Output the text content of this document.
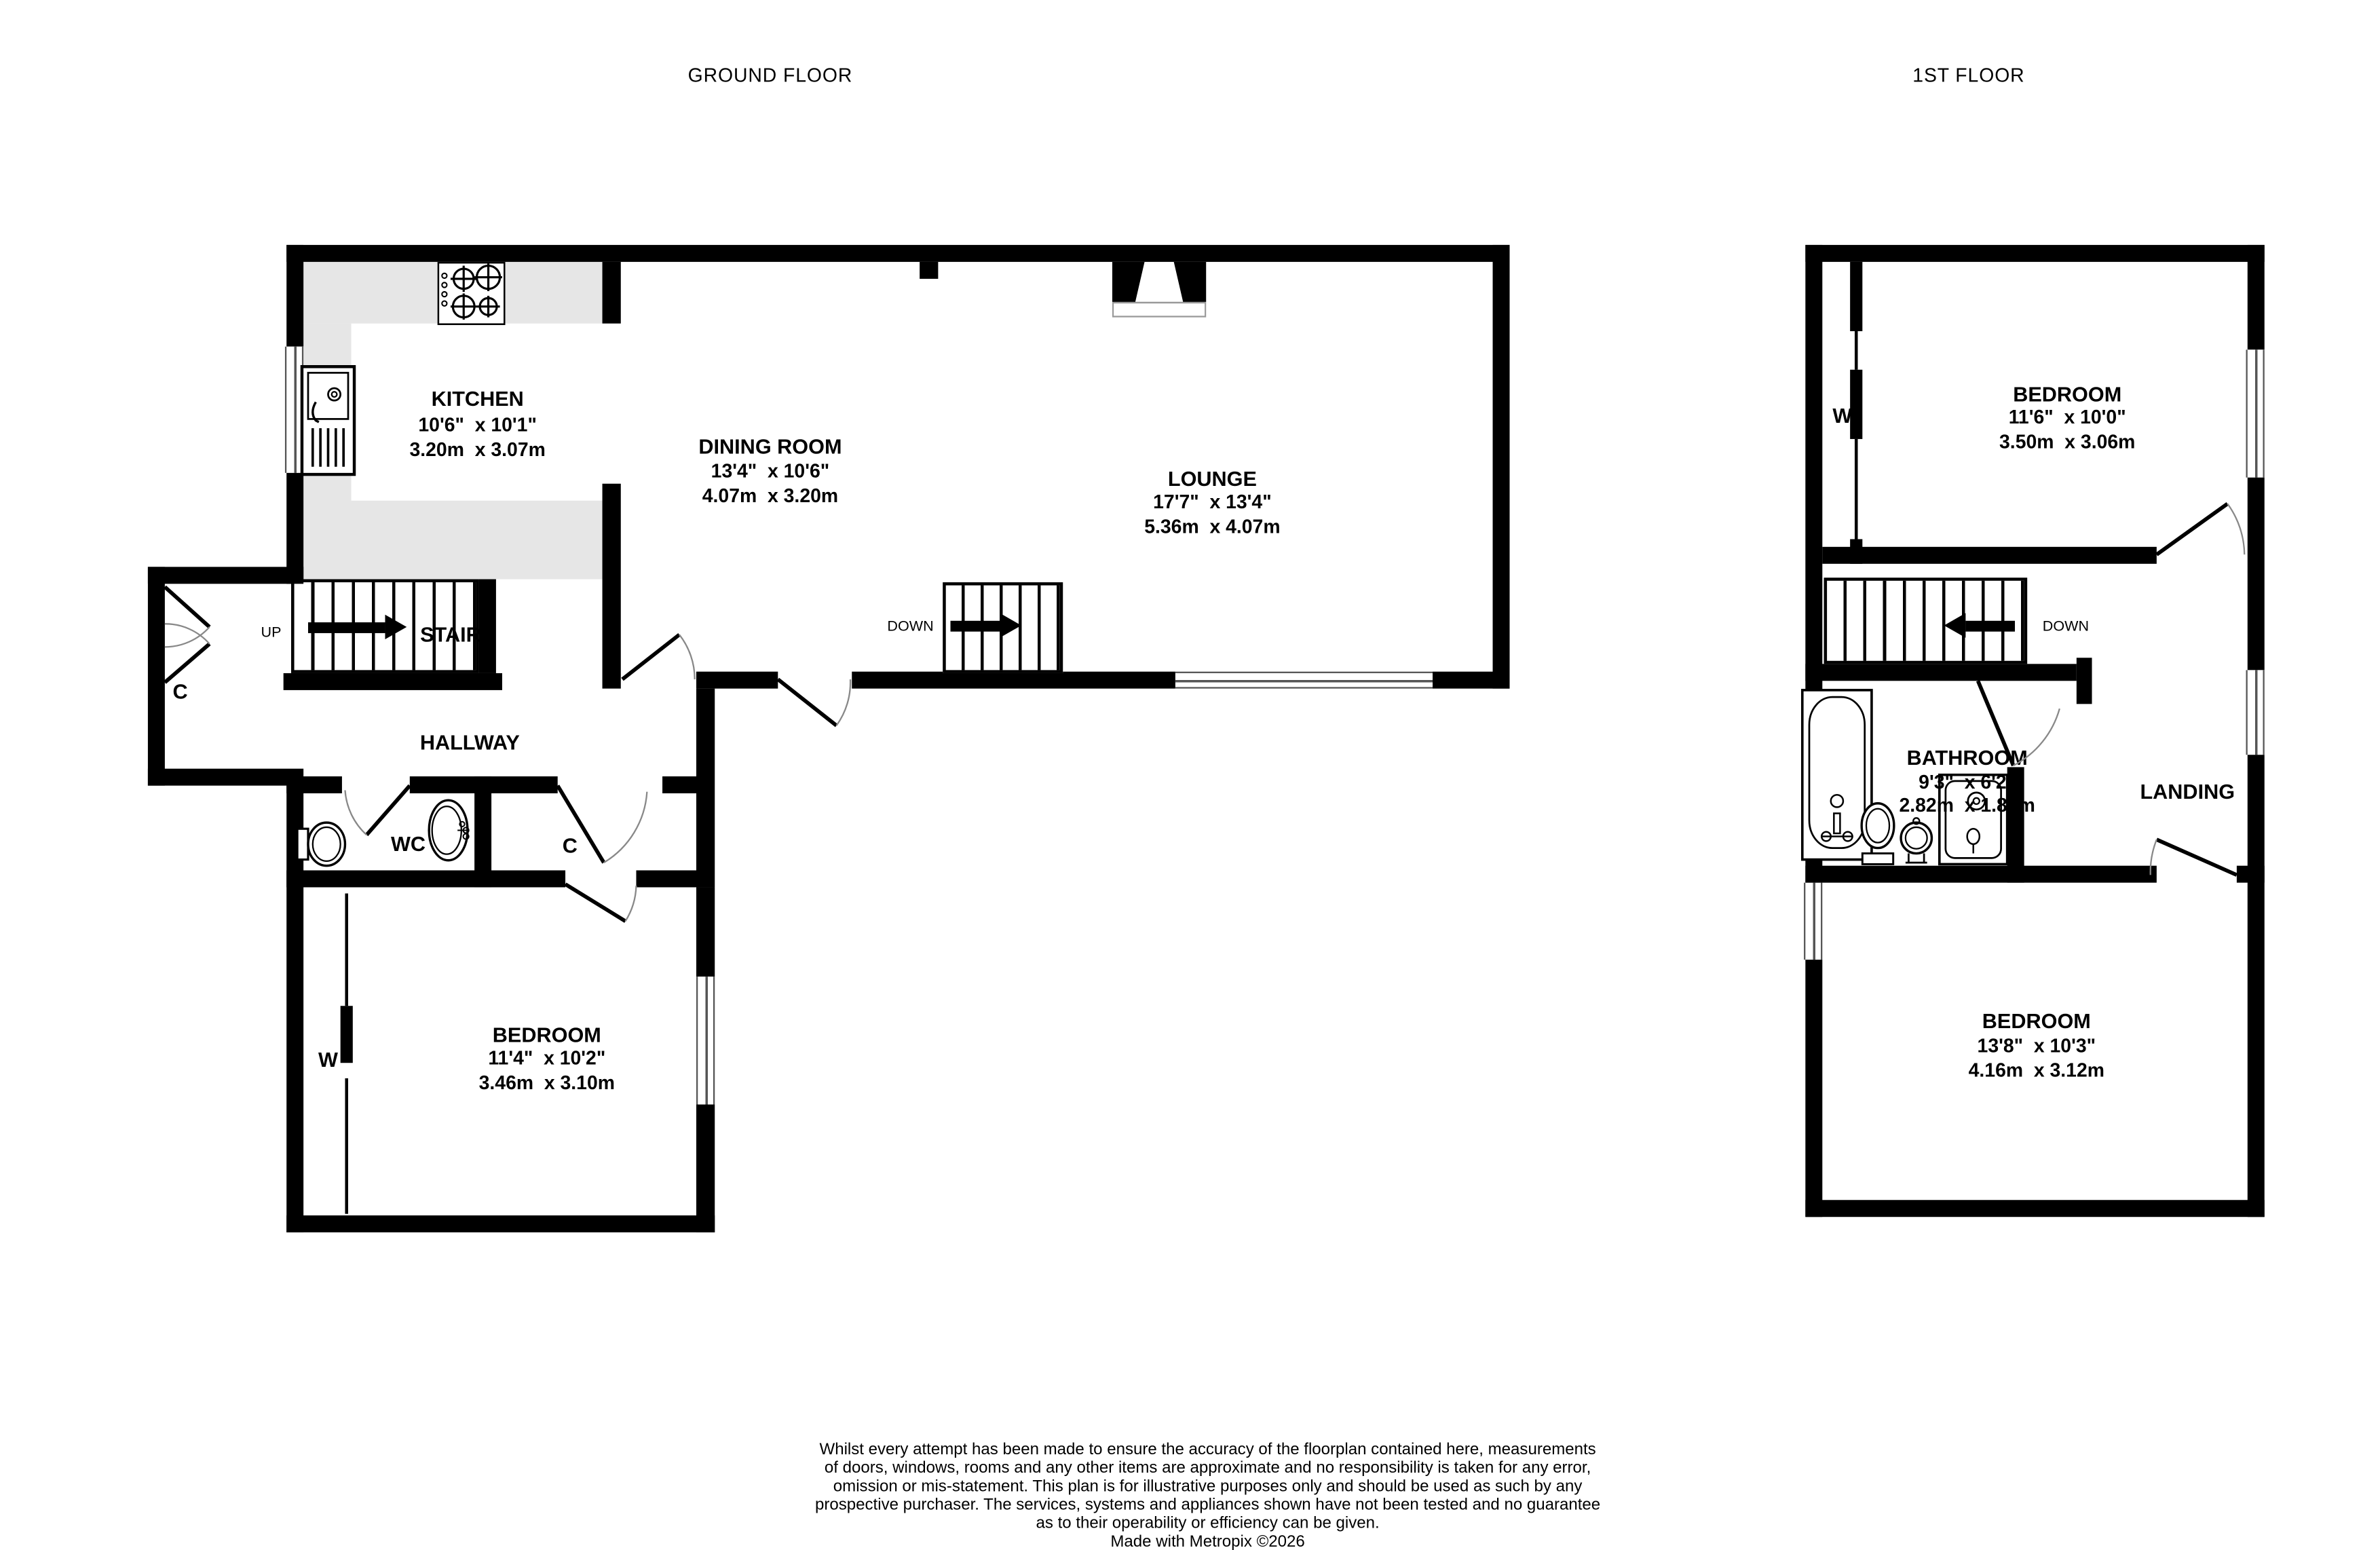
GROUND FLOOR
KITCHEN
10'6"  x 10'1"
3.20m  x 3.07m	DINING ROOM
13'4"  x 10'6"
4.07m  x 3.20m
LOUNGE
17'7"  x 13'4"
5.36m  x 4.07m
UP	STAIRS	DOWN
HALLWAY
C
WC	C
W
BEDROOM
11'4"  x 10'2"
3.46m  x 3.10m
1ST FLOOR
W
BEDROOM
11'6"  x 10'0"
3.50m  x 3.06m
DOWN
BATHROOM
9'3"  x 6'2"
2.82m  x 1.87m
LANDING
BEDROOM
13'8"  x 10'3"
4.16m  x 3.12m
Whilst every attempt has been made to ensure the accuracy of the floorplan contained here, measurements
of doors, windows, rooms and any other items are approximate and no responsibility is taken for any error,
omission or mis-statement. This plan is for illustrative purposes only and should be used as such by any
prospective purchaser. The services, systems and appliances shown have not been tested and no guarantee
as to their operability or efficiency can be given.
Made with Metropix ©2026
